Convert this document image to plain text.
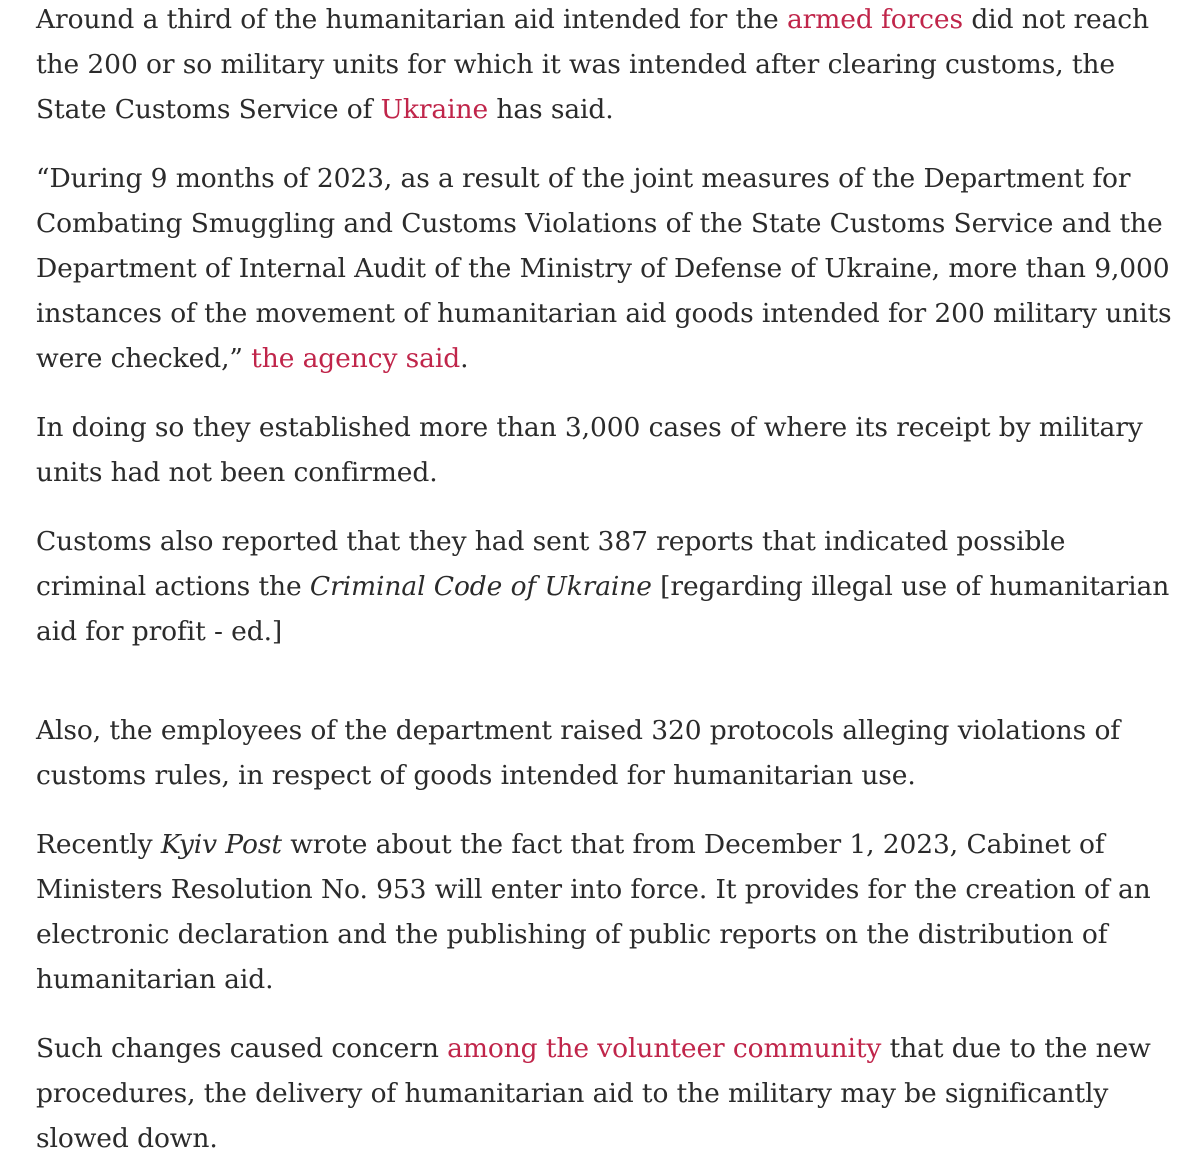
Around a third of the humanitarian aid intended for the armed forces did not reach the 200 or so military units for which it was intended after clearing customs, the State Customs Service of Ukraine has said.

“During 9 months of 2023, as a result of the joint measures of the Department for Combating Smuggling and Customs Violations of the State Customs Service and the Department of Internal Audit of the Ministry of Defense of Ukraine, more than 9,000 instances of the movement of humanitarian aid goods intended for 200 military units were checked,” the agency said.

In doing so they established more than 3,000 cases of where its receipt by military units had not been confirmed.

Customs also reported that they had sent 387 reports that indicated possible criminal actions the Criminal Code of Ukraine [regarding illegal use of humanitarian aid for profit - ed.]

Also, the employees of the department raised 320 protocols alleging violations of customs rules, in respect of goods intended for humanitarian use.

Recently Kyiv Post wrote about the fact that from December 1, 2023, Cabinet of Ministers Resolution No. 953 will enter into force. It provides for the creation of an electronic declaration and the publishing of public reports on the distribution of humanitarian aid.

Such changes caused concern among the volunteer community that due to the new procedures, the delivery of humanitarian aid to the military may be significantly slowed down.
